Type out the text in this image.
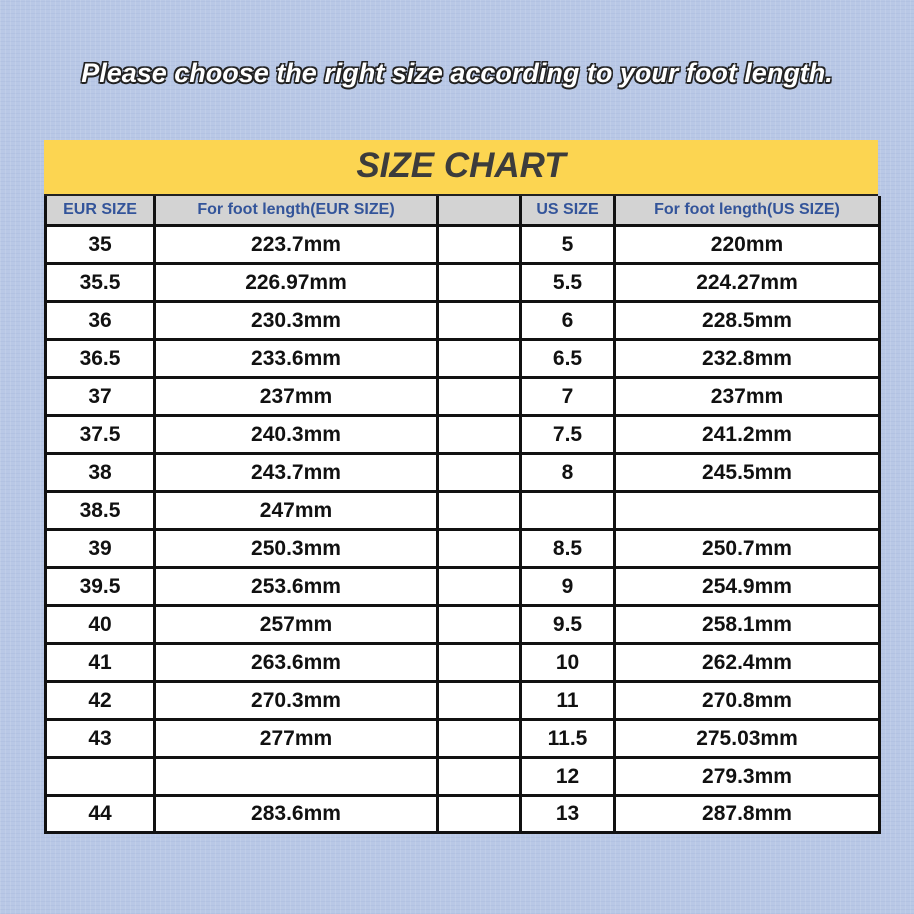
Please choose the right size according to your foot length.
SIZE CHART
EUR SIZE	For foot length(EUR SIZE)		US SIZE	For foot length(US SIZE)
35	223.7mm		5	220mm
35.5	226.97mm		5.5	224.27mm
36	230.3mm		6	228.5mm
36.5	233.6mm		6.5	232.8mm
37	237mm		7	237mm
37.5	240.3mm		7.5	241.2mm
38	243.7mm		8	245.5mm
38.5	247mm			
39	250.3mm		8.5	250.7mm
39.5	253.6mm		9	254.9mm
40	257mm		9.5	258.1mm
41	263.6mm		10	262.4mm
42	270.3mm		11	270.8mm
43	277mm		11.5	275.03mm
			12	279.3mm
44	283.6mm		13	287.8mm
